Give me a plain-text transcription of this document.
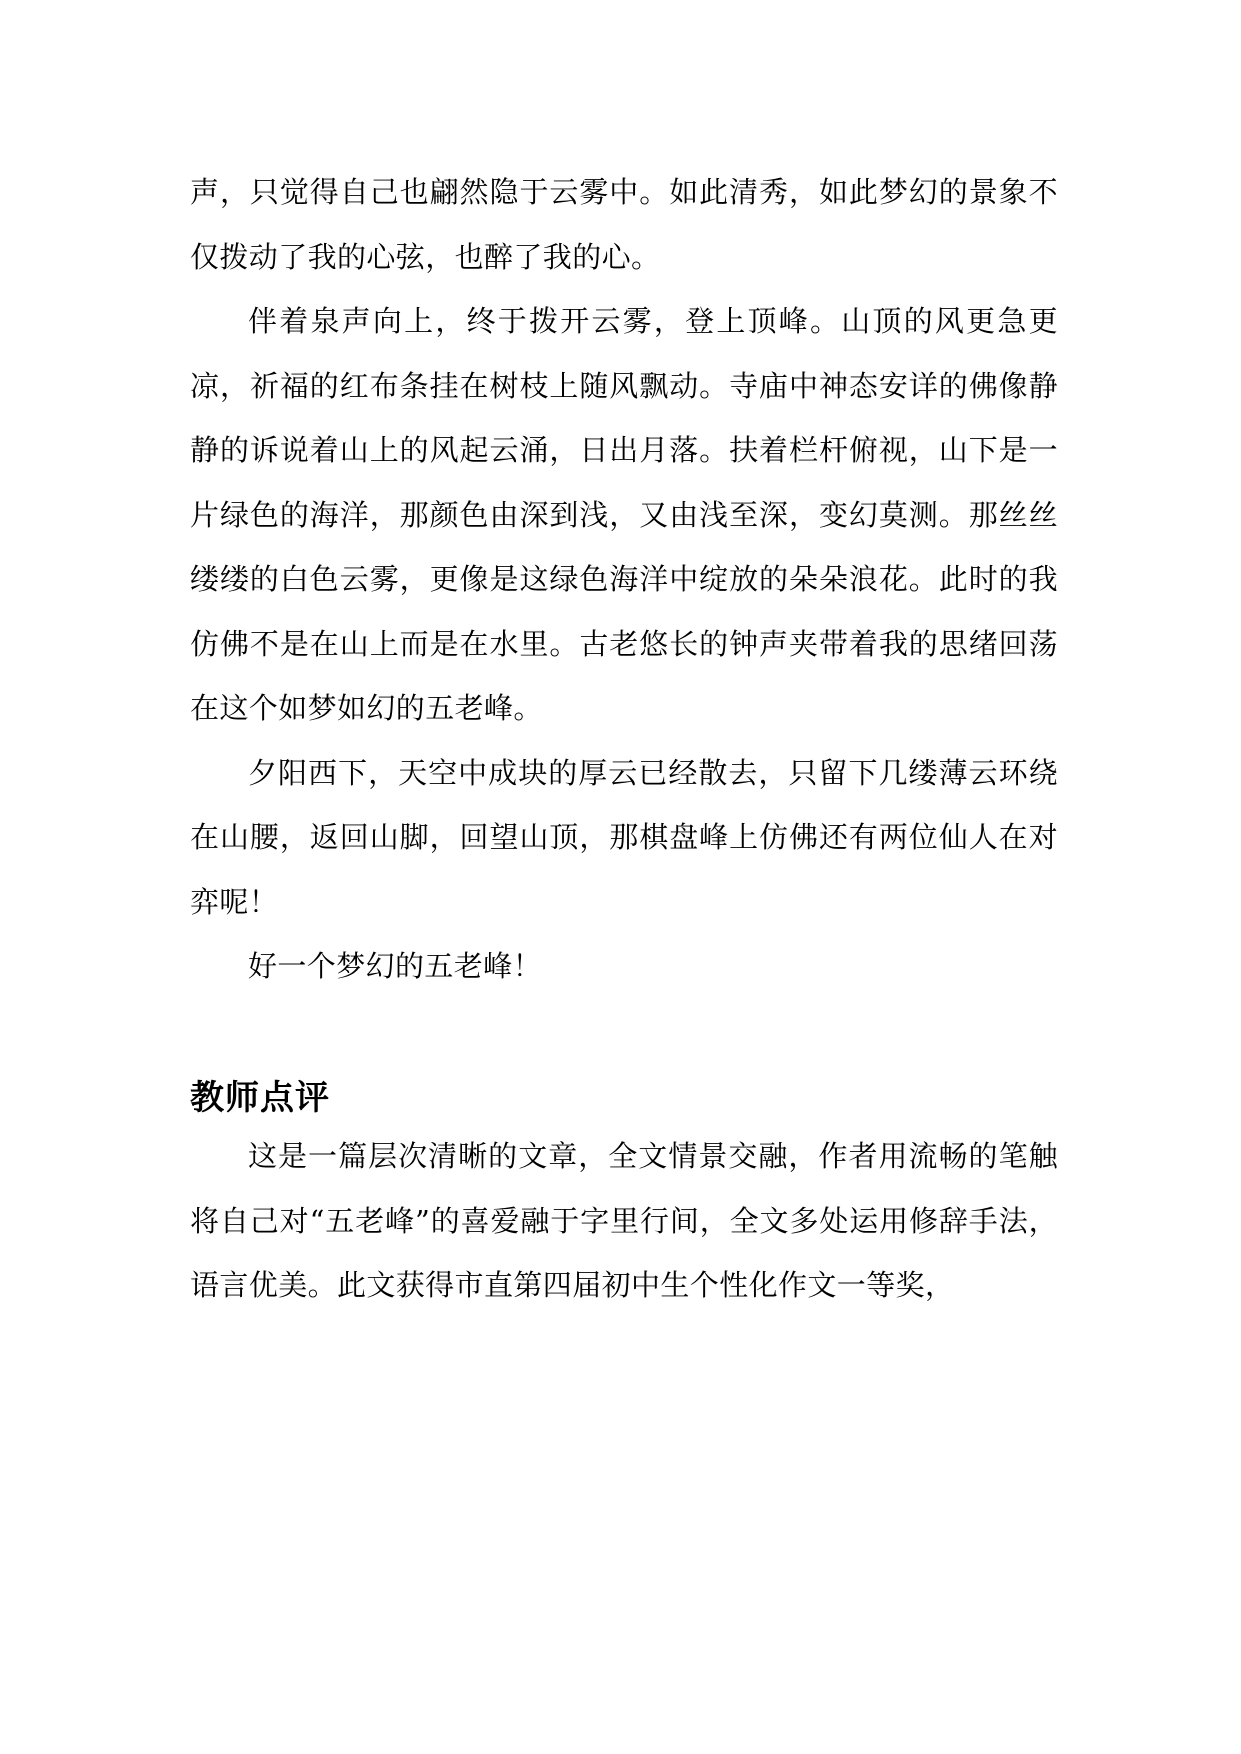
声，只觉得自己也翩然隐于云雾中。如此清秀，如此梦幻的景象不仅拨动了我的心弦，也醉了我的心。

伴着泉声向上，终于拨开云雾，登上顶峰。山顶的风更急更凉，祈福的红布条挂在树枝上随风飘动。寺庙中神态安详的佛像静静的诉说着山上的风起云涌，日出月落。扶着栏杆俯视，山下是一片绿色的海洋，那颜色由深到浅，又由浅至深，变幻莫测。那丝丝缕缕的白色云雾，更像是这绿色海洋中绽放的朵朵浪花。此时的我仿佛不是在山上而是在水里。古老悠长的钟声夹带着我的思绪回荡在这个如梦如幻的五老峰。

夕阳西下，天空中成块的厚云已经散去，只留下几缕薄云环绕在山腰，返回山脚，回望山顶，那棋盘峰上仿佛还有两位仙人在对弈呢！

好一个梦幻的五老峰！

教师点评

这是一篇层次清晰的文章，全文情景交融，作者用流畅的笔触将自己对“五老峰”的喜爱融于字里行间，全文多处运用修辞手法，语言优美。此文获得市直第四届初中生个性化作文一等奖，
